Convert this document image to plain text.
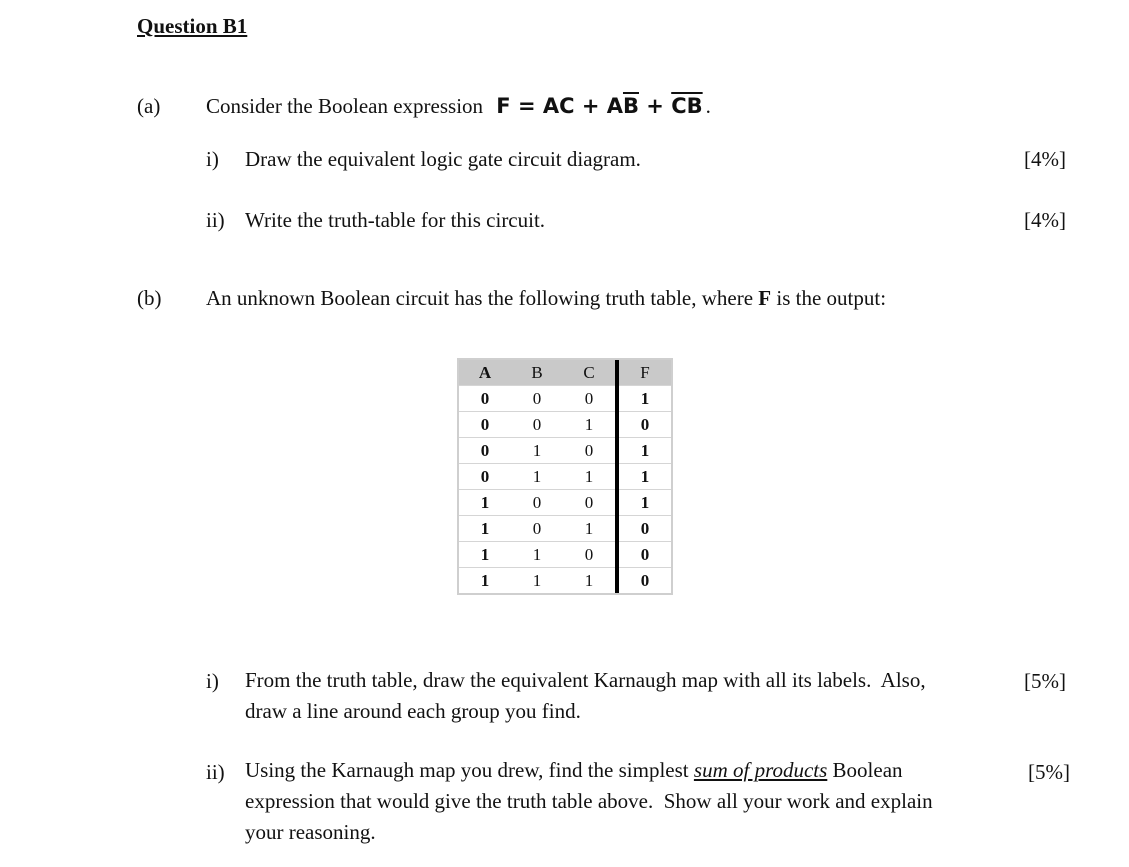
Question B1
(a) Consider the Boolean expression F = AC + $A\overline{B} + \overline{CB}$ .
i) Draw the equivalent logic gate circuit diagram.	[4%]
ii) Write the truth-table for this circuit.	[4%]
(b) An unknown Boolean circuit has the following truth table, where F is the output:
A	B	C	F
0	0	0	1
0	0	1	0
0	1	0	1
0	1	1	1
1	0	0	1
1	0	1	0
1	1	0	0
1	1	1	0
i) From the truth table, draw the equivalent Karnaugh map with all its labels.  Also,
draw a line around each group you find.
[5%]
ii) Using the Karnaugh map you drew, find the simplest sum of products Boolean
expression that would give the truth table above.  Show all your work and explain
your reasoning.
[5%]
